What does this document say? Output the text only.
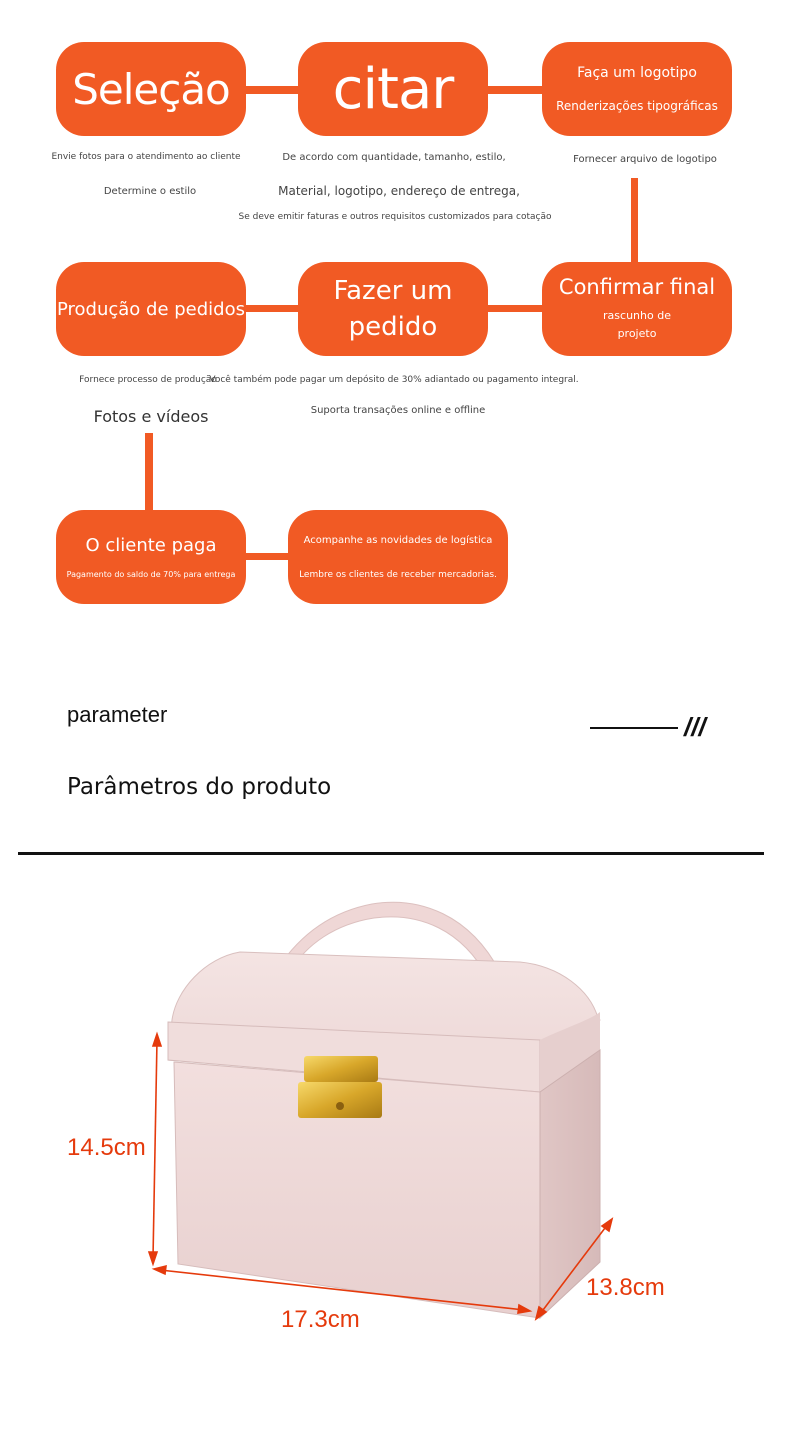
Seleção citar	Faça um logotipo
Renderizações tipográficas
Envie fotos para o atendimento ao cliente
Determine o estilo
De acordo com quantidade, tamanho, estilo,
Material, logotipo, endereço de entrega,
Se deve emitir faturas e outros requisitos customizados para cotação
Fornecer arquivo de logotipo
Produção de pedidos
Fazer um
pedido
Confirmar final
rascunho de
projeto
Fornece processo de produção
Fotos e vídeos
Você também pode pagar um depósito de 30% adiantado ou pagamento integral.
Suporta transações online e offline
O cliente paga
Pagamento do saldo de 70% para entrega
Acompanhe as novidades de logística
Lembre os clientes de receber mercadorias.
parameter	///
Parâmetros do produto
14.5cm
17.3cm
13.8cm
